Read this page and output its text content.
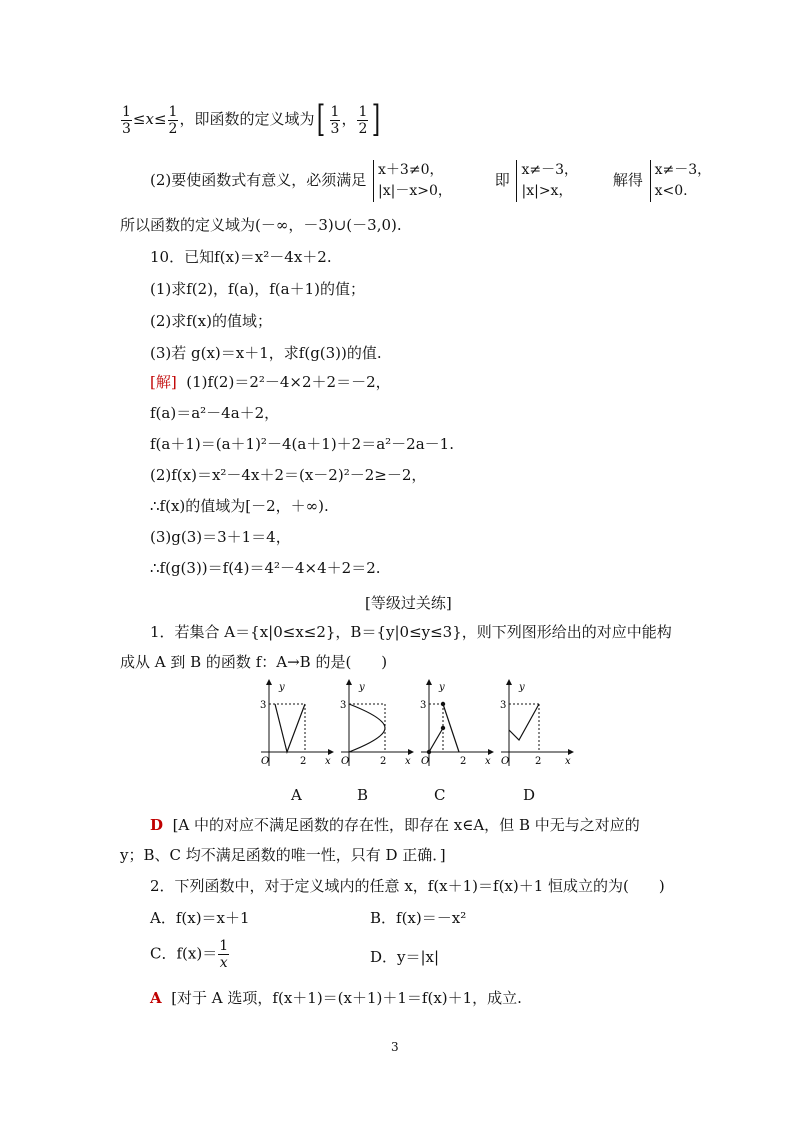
$\frac{1}{3} \le x\le \frac{1}{2}$ ，即函数的定义域为[ $\frac{1}{3}$ ， $\frac{1}{2}$ ]
(2)要使函数式有意义，必须满足
x＋3≠0，
|x|－x>0，
即
x≠－3，
|x|>x，
解得
x≠－3，
x<0.
所以函数的定义域为(－∞，－3)∪(－3,0).
10．已知f(x)＝x²－4x＋2.
(1)求f(2)，f(a)，f(a＋1)的值；
(2)求f(x)的值域；
(3)若 g(x)＝x＋1，求f(g(3))的值.
[解] (1)f(2)＝2²－4×2＋2＝－2，
f(a)＝a²－4a＋2，
f(a＋1)＝(a＋1)²－4(a＋1)＋2＝a²－2a－1.
(2)f(x)＝x²－4x＋2＝(x－2)²－2≥－2，
∴f(x)的值域为[－2，＋∞).
(3)g(3)＝3＋1＝4，
∴f(g(3))＝f(4)＝4²－4×4＋2＝2.
[等级过关练]
1．若集合 A＝{x|0≤x≤2}，B＝{y|0≤y≤3}，则下列图形给出的对应中能构
成从 A 到 B 的函数 f：A→B 的是(　　)
y
x
O
3
2
y
x
O
3
2
y
x
O
3
2
y
x
O
3
2
A	B	C	D
D [A 中的对应不满足函数的存在性，即存在 x∈A，但 B 中无与之对应的
y；B、C 均不满足函数的唯一性，只有 D 正确．]
2．下列函数中，对于定义域内的任意 x，f(x＋1)＝f(x)＋1 恒成立的为(　　)
A．f(x)＝x＋1	B．f(x)＝－x²
C．$f(x)= \frac{1}{x}$	D．y＝|x|
A [对于 A 选项，f(x＋1)＝(x＋1)＋1＝f(x)＋1，成立.
3
